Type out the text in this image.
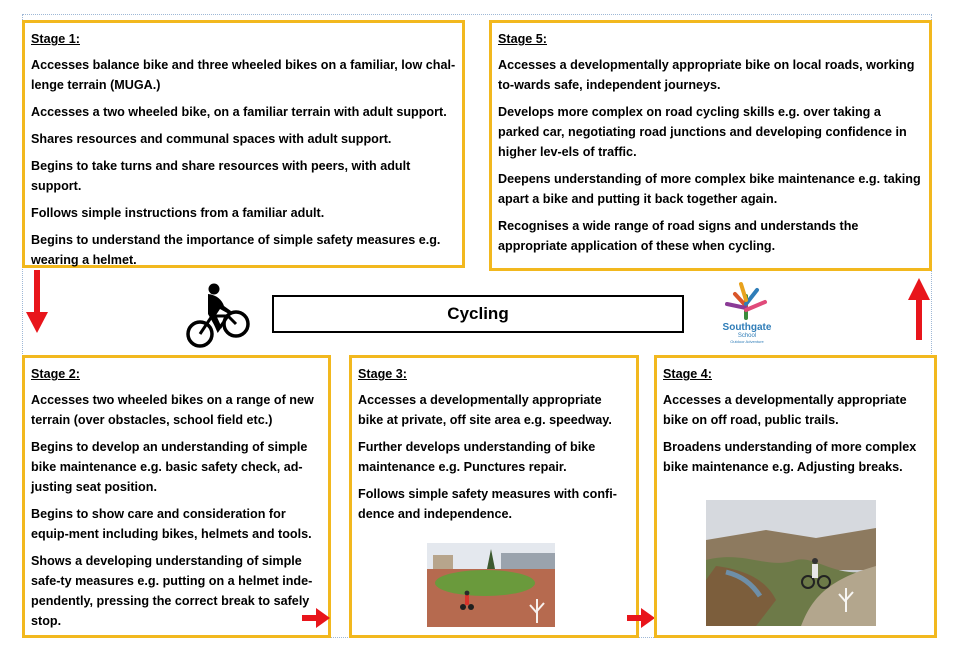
Stage 1:

Accesses balance bike and three wheeled bikes on a familiar, low chal-lenge terrain (MUGA.)

Accesses a two wheeled bike, on a familiar terrain with adult support.

Shares resources and communal spaces with adult support.

Begins to take turns and share resources with peers, with adult support.

Follows simple instructions from a familiar adult.

Begins to understand the importance of simple safety measures e.g. wearing a helmet.

Stage 5:

Accesses a developmentally appropriate bike on local roads, working to-wards safe, independent journeys.

Develops more complex on road cycling skills e.g. over taking a parked car, negotiating road junctions and developing confidence in higher lev-els of traffic.

Deepens understanding of more complex bike maintenance e.g. taking apart a bike and putting it back together again.

Recognises a wide range of road signs and understands the appropriate application of these when cycling.

Cycling
Southgate
School
Outdoor Adventure

Stage 2:

Accesses two wheeled bikes on a range of new terrain (over obstacles, school field etc.)

Begins to develop an understanding of simple bike maintenance e.g. basic safety check, ad-justing seat position.

Begins to show care and consideration for equip-ment including bikes, helmets and tools.

Shows a developing understanding of simple safe-ty measures e.g. putting on a helmet inde-pendently, pressing the correct break to safely stop.

Stage 3:

Accesses a developmentally appropriate bike at private, off site area e.g. speedway.

Further develops understanding of bike maintenance e.g. Punctures repair.

Follows simple safety measures with confi-dence and independence.

Stage 4:

Accesses a developmentally appropriate bike on off road, public trails.

Broadens understanding of more complex bike maintenance e.g. Adjusting breaks.
